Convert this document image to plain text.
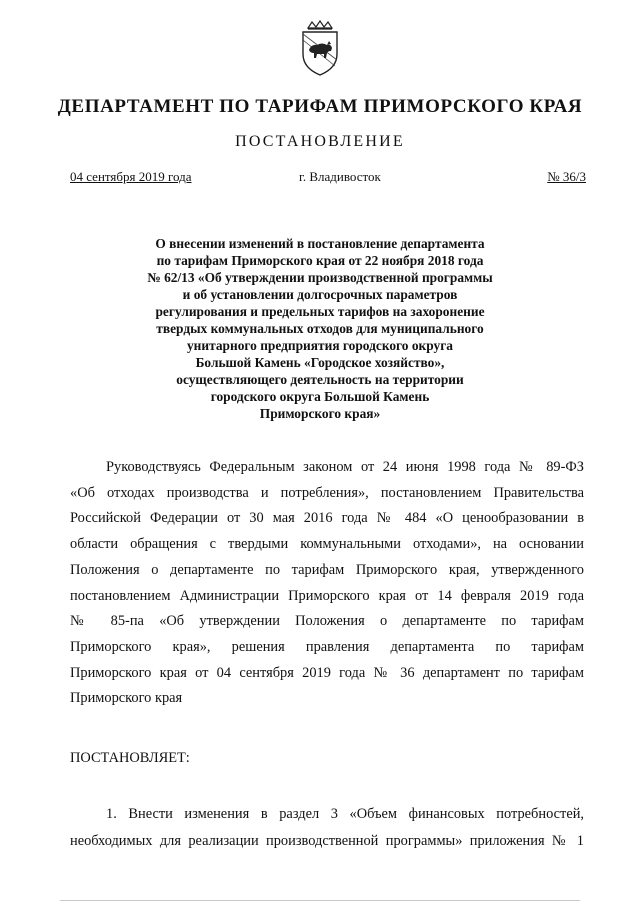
ДЕПАРТАМЕНТ ПО ТАРИФАМ ПРИМОРСКОГО КРАЯ
ПОСТАНОВЛЕНИЕ
04 сентября 2019 года	г. Владивосток	№ 36/3
О внесении изменений в постановление департамента
по тарифам Приморского края от 22 ноября 2018 года
№ 62/13 «Об утверждении производственной программы
и об установлении долгосрочных параметров
регулирования и предельных тарифов на захоронение
твердых коммунальных отходов для муниципального
унитарного предприятия городского округа
Большой Камень «Городское хозяйство»,
осуществляющего деятельность на территории
городского округа Большой Камень
Приморского края»
Руководствуясь Федеральным законом от 24 июня 1998 года № 89-ФЗ
«Об отходах производства и потребления», постановлением Правительства
Российской Федерации от 30 мая 2016 года № 484 «О ценообразовании в
области обращения с твердыми коммунальными отходами», на основании
Положения о департаменте по тарифам Приморского края, утвержденного
постановлением Администрации Приморского края от 14 февраля 2019 года
№ 85-па «Об утверждении Положения о департаменте по тарифам
Приморского края», решения правления департамента по тарифам
Приморского края от 04 сентября 2019 года № 36 департамент по тарифам
Приморского края
ПОСТАНОВЛЯЕТ:
1. Внести изменения в раздел 3 «Объем финансовых потребностей,
необходимых для реализации производственной программы» приложения № 1
